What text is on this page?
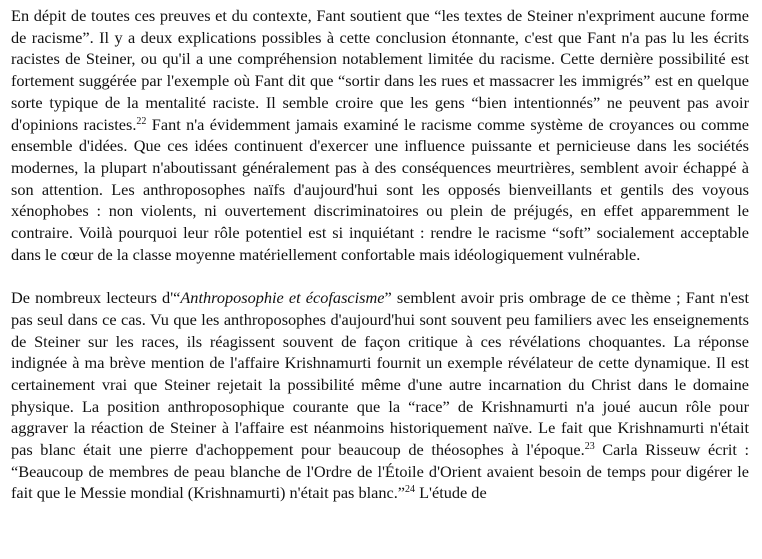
En dépit de toutes ces preuves et du contexte, Fant soutient que “les textes de Steiner n'expriment aucune forme de racisme”. Il y a deux explications possibles à cette conclusion étonnante, c'est que Fant n'a pas lu les écrits racistes de Steiner, ou qu'il a une compréhension notablement limitée du racisme. Cette dernière possibilité est fortement suggérée par l'exemple où Fant dit que “sortir dans les rues et massacrer les immigrés” est en quelque sorte typique de la mentalité raciste. Il semble croire que les gens “bien intentionnés” ne peuvent pas avoir d'opinions racistes.$^{22}$ Fant n'a évidemment jamais examiné le racisme comme système de croyances ou comme ensemble d'idées. Que ces idées continuent d'exercer une influence puissante et pernicieuse dans les sociétés modernes, la plupart n'aboutissant généralement pas à des conséquences meurtrières, semblent avoir échappé à son attention. Les anthroposophes naïfs d'aujourd'hui sont les opposés bienveillants et gentils des voyous xénophobes : non violents, ni ouvertement discriminatoires ou plein de préjugés, en effet apparemment le contraire. Voilà pourquoi leur rôle potentiel est si inquiétant : rendre le racisme “soft” socialement acceptable dans le cœur de la classe moyenne matériellement confortable mais idéologiquement vulnérable.

De nombreux lecteurs d'“Anthroposophie et écofascisme” semblent avoir pris ombrage de ce thème ; Fant n'est pas seul dans ce cas. Vu que les anthroposophes d'aujourd'hui sont souvent peu familiers avec les enseignements de Steiner sur les races, ils réagissent souvent de façon critique à ces révélations choquantes. La réponse indignée à ma brève mention de l'affaire Krishnamurti fournit un exemple révélateur de cette dynamique. Il est certainement vrai que Steiner rejetait la possibilité même d'une autre incarnation du Christ dans le domaine physique. La position anthroposophique courante que la “race” de Krishnamurti n'a joué aucun rôle pour aggraver la réaction de Steiner à l'affaire est néanmoins historiquement naïve. Le fait que Krishnamurti n'était pas blanc était une pierre d'achoppement pour beaucoup de théosophes à l'époque.$^{23}$ Carla Risseuw écrit : “Beaucoup de membres de peau blanche de l'Ordre de l'Étoile d'Orient avaient besoin de temps pour digérer le fait que le Messie mondial (Krishnamurti) n'était pas blanc.”$^{24}$ L'étude de
